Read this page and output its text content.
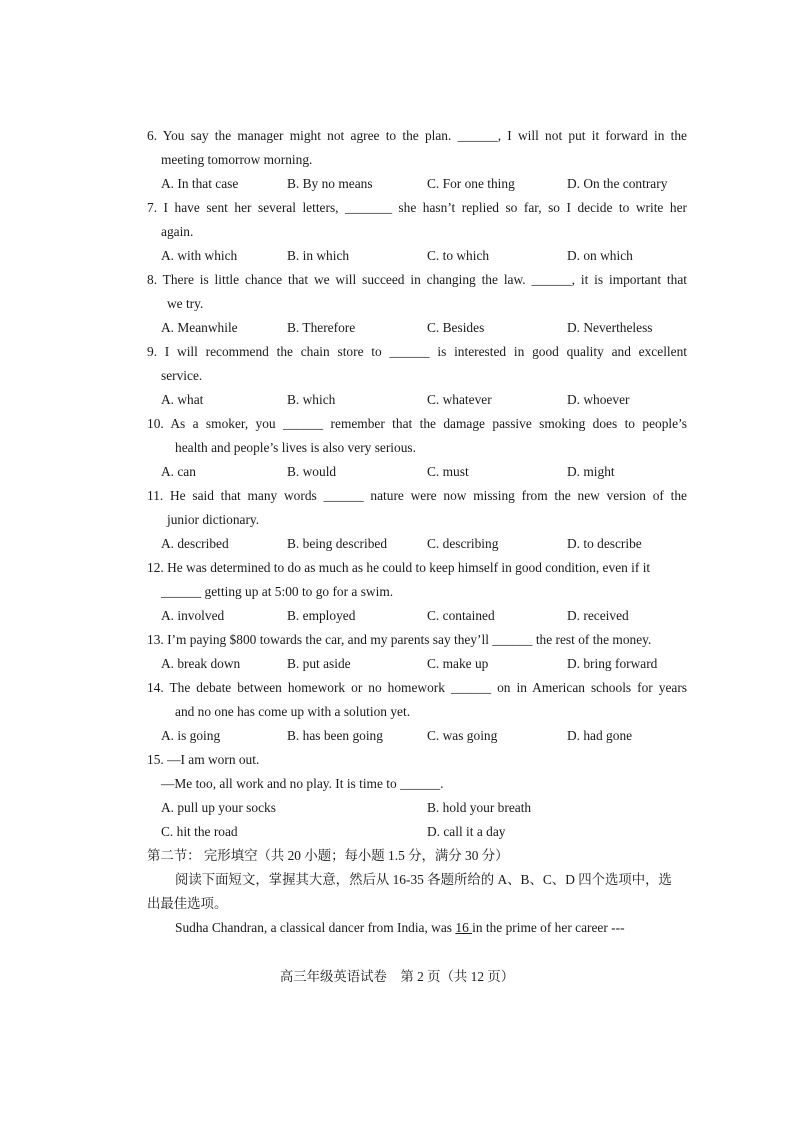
6. You say the manager might not agree to the plan. ______, I will not put it forward in the
meeting tomorrow morning.
A. In that case	B. By no means	C. For one thing	D. On the contrary
7. I have sent her several letters, _______ she hasn’t replied so far, so I decide to write her
again.
A. with which	B. in which	C. to which	D. on which
8. There is little chance that we will succeed in changing the law. ______, it is important that
we try.
A. Meanwhile	B. Therefore	C. Besides	D. Nevertheless
9. I will recommend the chain store to ______ is interested in good quality and excellent
service.
A. what	B. which	C. whatever	D. whoever
10. As a smoker, you ______ remember that the damage passive smoking does to people’s
health and people’s lives is also very serious.
A. can	B. would	C. must	D. might
11. He said that many words ______ nature were now missing from the new version of the
junior dictionary.
A. described	B. being described	C. describing	D. to describe
12. He was determined to do as much as he could to keep himself in good condition, even if it
______ getting up at 5:00 to go for a swim.
A. involved	B. employed	C. contained	D. received
13. I’m paying $800 towards the car, and my parents say they’ll ______ the rest of the money.
A. break down	B. put aside	C. make up	D. bring forward
14. The debate between homework or no homework ______ on in American schools for years
and no one has come up with a solution yet.
A. is going	B. has been going	C. was going	D. had gone
15. —I am worn out.
—Me too, all work and no play. It is time to ______.
A. pull up your socks	B. hold your breath
C. hit the road	D. call it a day
第二节： 完形填空（共 20 小题；每小题 1.5 分，满分 30 分）
阅读下面短文，掌握其大意，然后从 16-35 各题所给的 A、B、C、D 四个选项中，选
出最佳选项。
Sudha Chandran, a classical dancer from India, was 16 in the prime of her career ---
高三年级英语试卷　第 2 页（共 12 页）
